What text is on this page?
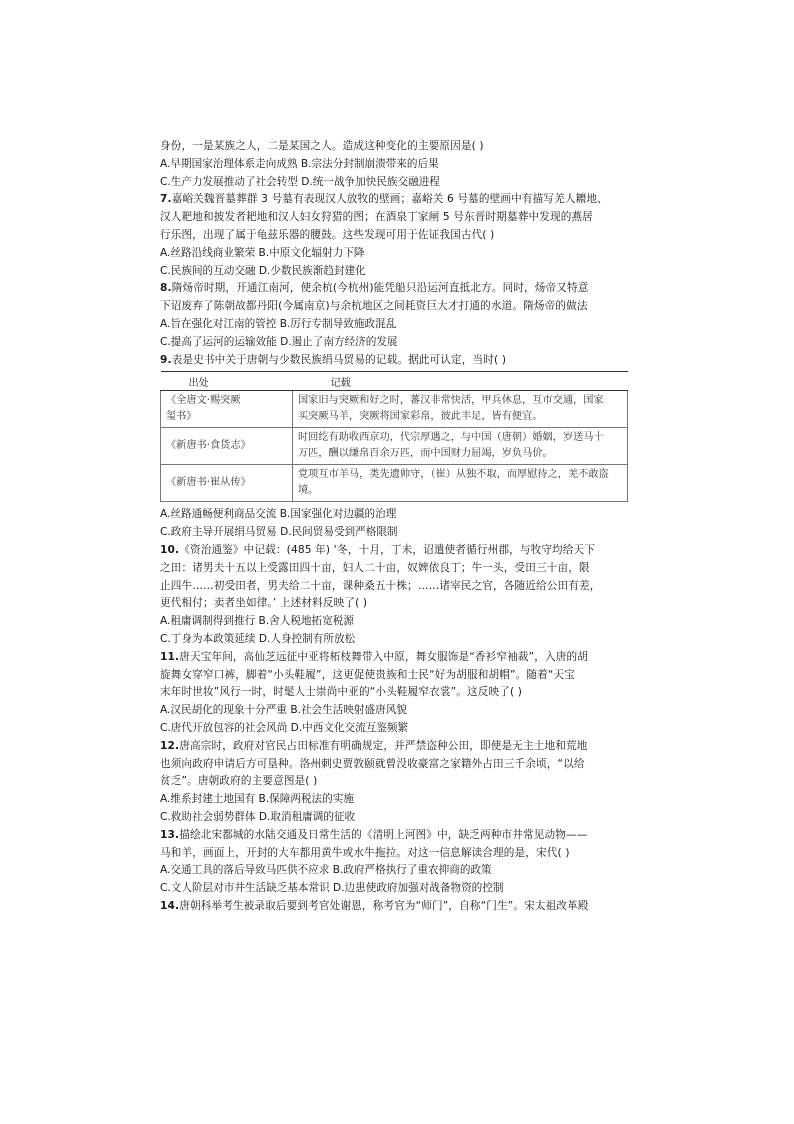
身份，一是某族之人，二是某国之人。造成这种变化的主要原因是( )
A.早期国家治理体系走向成熟 B.宗法分封制崩溃带来的后果
C.生产力发展推动了社会转型 D.统一战争加快民族交融进程
7.嘉峪关魏晋墓葬群 3 号墓有表现汉人放牧的壁画；嘉峪关 6 号墓的壁画中有描写羌人耱地、
汉人耙地和披发者耙地和汉人妇女狩猎的图；在酒泉丁家闸 5 号东晋时期墓葬中发现的燕居
行乐图，出现了属于龟兹乐器的腰鼓。这些发现可用于佐证我国古代( )
A.丝路沿线商业繁荣 B.中原文化辐射力下降
C.民族间的互动交融 D.少数民族渐趋封建化
8.隋炀帝时期，开通江南河，使余杭(今杭州)能凭船只沿运河直抵北方。同时，炀帝又特意
下诏废弃了陈朝故都丹阳(今属南京)与余杭地区之间耗资巨大才打通的水道。隋炀帝的做法
A.旨在强化对江南的管控 B.厉行专制导致施政混乱
C.提高了运河的运输效能 D.遏止了南方经济的发展
9.表是史书中关于唐朝与少数民族绢马贸易的记载。据此可认定，当时( )
出处	记载

《全唐文·赐突厥
玺书》	国家旧与突厥和好之时，蕃汉非常快活，甲兵休息，互市交通，国家
买突厥马羊，突厥将国家彩帛，彼此丰足，皆有便宜。

《新唐书·食货志》	时回纥有助收西京功，代宗厚遇之，与中国（唐朝）婚姻，岁送马十
万匹，酬以缣帛百余万匹，而中国财力屈竭，岁负马价。

《新唐书·崔从传》	党项互市羊马，类先遗帅守，（崔）从独不取，而厚慰待之，羌不敢盗
境。
A.丝路通畅便利商品交流 B.国家强化对边疆的治理
C.政府主导开展绢马贸易 D.民间贸易受到严格限制
10.《资治通鉴》中记载：(485 年) ‘冬，十月，丁未，诏遣使者循行州郡，与牧守均给天下
之田：诸男夫十五以上受露田四十亩，妇人二十亩，奴婢依良丁；牛一头，受田三十亩，限
止四牛……初受田者，男夫给二十亩，课种桑五十株；……诸宰民之官，各随近给公田有差，
更代相付；卖者坐如律。’ 上述材料反映了( )
A.租庸调制得到推行 B.舍人税地拓宽税源
C.丁身为本政策延续 D.人身控制有所放松
11.唐天宝年间，高仙芝远征中亚将柘枝舞带入中原，舞女服饰是“香衫窄袖裁”，入唐的胡
旋舞女穿窄口裤，脚着“小头鞋履”，这更促使贵族和士民“好为胡服和胡帽”。随着“天宝
末年时世妆”风行一时，时髦人士崇尚中亚的“小头鞋履窄衣裳”。这反映了( )
A.汉民胡化的现象十分严重 B.社会生活映射盛唐风貌
C.唐代开放包容的社会风尚 D.中西文化交流互鉴频繁
12.唐高宗时，政府对官民占田标准有明确规定，并严禁盗种公田，即使是无主土地和荒地
也须向政府申请后方可垦种。洛州刺史贾敦颐就曾没收豪富之家籍外占田三千余顷，“以给
贫乏”。唐朝政府的主要意图是( )
A.维系封建土地国有 B.保障两税法的实施
C.救助社会弱势群体 D.取消租庸调的征收
13.描绘北宋都城的水陆交通及日常生活的《清明上河图》中，缺乏两种市井常见动物——
马和羊，画面上，开封的大车都用黄牛或水牛拖拉。对这一信息解读合理的是，宋代( )
A.交通工具的落后导致马匹供不应求 B.政府严格执行了重农抑商的政策
C.文人阶层对市井生活缺乏基本常识 D.边患使政府加强对战备物资的控制
14.唐朝科举考生被录取后要到考官处谢恩，称考官为“师门”，自称“门生”。宋太祖改革殿
